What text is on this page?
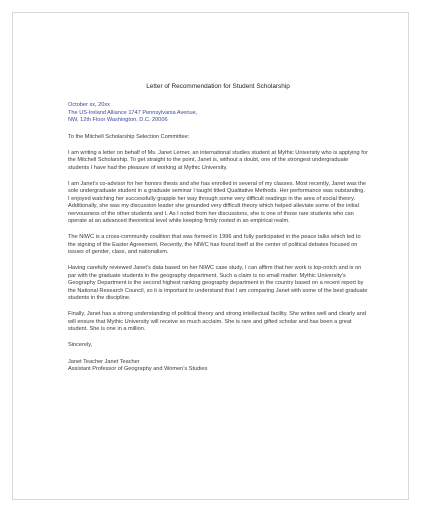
Letter of Recommendation for Student Scholarship
October xx, 20xx
The US-Ireland Alliance 1747 Pennsylvania Avenue,
NW, 12th Floor Washington, D.C. 20006
To the Mitchell Scholarship Selection Committee:
I am writing a letter on behalf of Ms. Janet Lerner, an international studies student at Mythic University who is applying for the Mitchell Scholarship. To get straight to the point, Janet is, without a doubt, one of the strongest undergraduate students I have had the pleasure of working at Mythic University.
I am Janet’s co-advisor for her honors thesis and she has enrolled in several of my classes. Most recently, Janet was the sole undergraduate student in a graduate seminar I taught titled Qualitative Methods. Her performance was outstanding. I enjoyed watching her successfully grapple her way through some very difficult readings in the area of social theory. Additionally, she was my discussion leader she grounded very difficult theory which helped alleviate some of the initial nervousness of the other students and I. As I noted from her discussions, she is one of those rare students who can operate at an advanced theoretical level while keeping firmly rooted in an empirical realm.
The NIWC is a cross-community coalition that was formed in 1996 and fully participated in the peace talks which led to the signing of the Easter Agreement. Recently, the NIWC has found itself at the center of political debates focused on issues of gender, class, and nationalism.
Having carefully reviewed Janet’s data based on her NIWC case study, I can affirm that her work is top-notch and is on par with the graduate students in the geography department. Such a claim is no small matter. Mythic University’s Geography Department is the second highest ranking geography department in the country based on a recent report by the National Research Council, so it is important to understand that I am comparing Janet with some of the best graduate students in the discipline.
Finally, Janet has a strong understanding of political theory and strong intellectual facility. She writes well and clearly and will ensure that Mythic University will receive so much acclaim. She is rare and gifted scholar and has been a great student. She is one in a million.
Sincerely,
Janet Teacher Janet Teacher
Assistant Professor of Geography and Women’s Studies
